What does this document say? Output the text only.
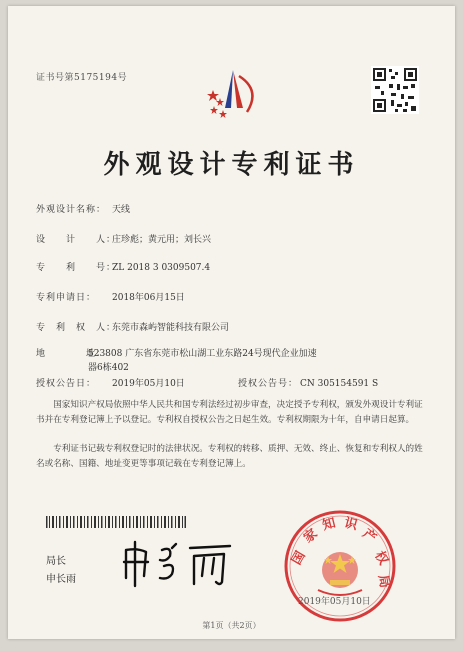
证书号第5175194号
外观设计专利证书
外观设计名称： 天线
设　　计　　人：庄珍彪；黄元用；刘长兴
专　　利　　号：ZL 2018 3 0309507.4
专利申请日： 2018年06月15日
专　利　权　人：东莞市森屿智能科技有限公司
地　　　　址：
523808 广东省东莞市松山湖工业东路24号现代企业加速
器6栋402
授权公告日： 2019年05月10日	授权公告号： CN 305154591 S
国家知识产权局依照中华人民共和国专利法经过初步审查，决定授予专利权，颁发外观设计专利证书并在专利登记簿上予以登记。专利权自授权公告之日起生效。专利权期限为十年，自申请日起算。
专利证书记载专利权登记时的法律状况。专利权的转移、质押、无效、终止、恢复和专利权人的姓名或名称、国籍、地址变更等事项记载在专利登记簿上。
局长
申长雨
国
家
知 识
产
权
局
2019年05月10日
第1页（共2页）
